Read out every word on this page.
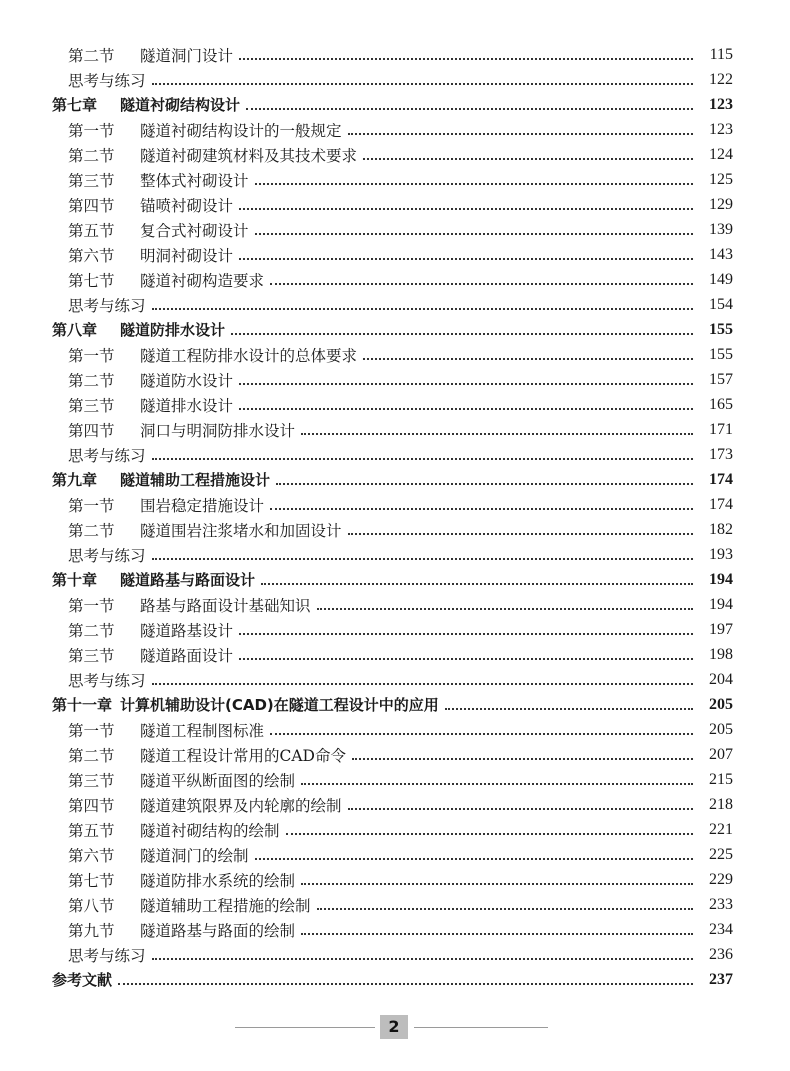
第二节 隧道洞门设计	115
思考与练习	122
第七章 隧道衬砌结构设计	123
第一节 隧道衬砌结构设计的一般规定	123
第二节 隧道衬砌建筑材料及其技术要求	124
第三节 整体式衬砌设计	125
第四节 锚喷衬砌设计	129
第五节 复合式衬砌设计	139
第六节 明洞衬砌设计	143
第七节 隧道衬砌构造要求	149
思考与练习	154
第八章 隧道防排水设计	155
第一节 隧道工程防排水设计的总体要求	155
第二节 隧道防水设计	157
第三节 隧道排水设计	165
第四节 洞口与明洞防排水设计	171
思考与练习	173
第九章 隧道辅助工程措施设计	174
第一节 围岩稳定措施设计	174
第二节 隧道围岩注浆堵水和加固设计	182
思考与练习	193
第十章 隧道路基与路面设计	194
第一节 路基与路面设计基础知识	194
第二节 隧道路基设计	197
第三节 隧道路面设计	198
思考与练习	204
第十一章 计算机辅助设计(CAD)在隧道工程设计中的应用	205
第一节 隧道工程制图标准	205
第二节 隧道工程设计常用的CAD命令	207
第三节 隧道平纵断面图的绘制	215
第四节 隧道建筑限界及内轮廓的绘制	218
第五节 隧道衬砌结构的绘制	221
第六节 隧道洞门的绘制	225
第七节 隧道防排水系统的绘制	229
第八节 隧道辅助工程措施的绘制	233
第九节 隧道路基与路面的绘制	234
思考与练习	236
参考文献	237
2
